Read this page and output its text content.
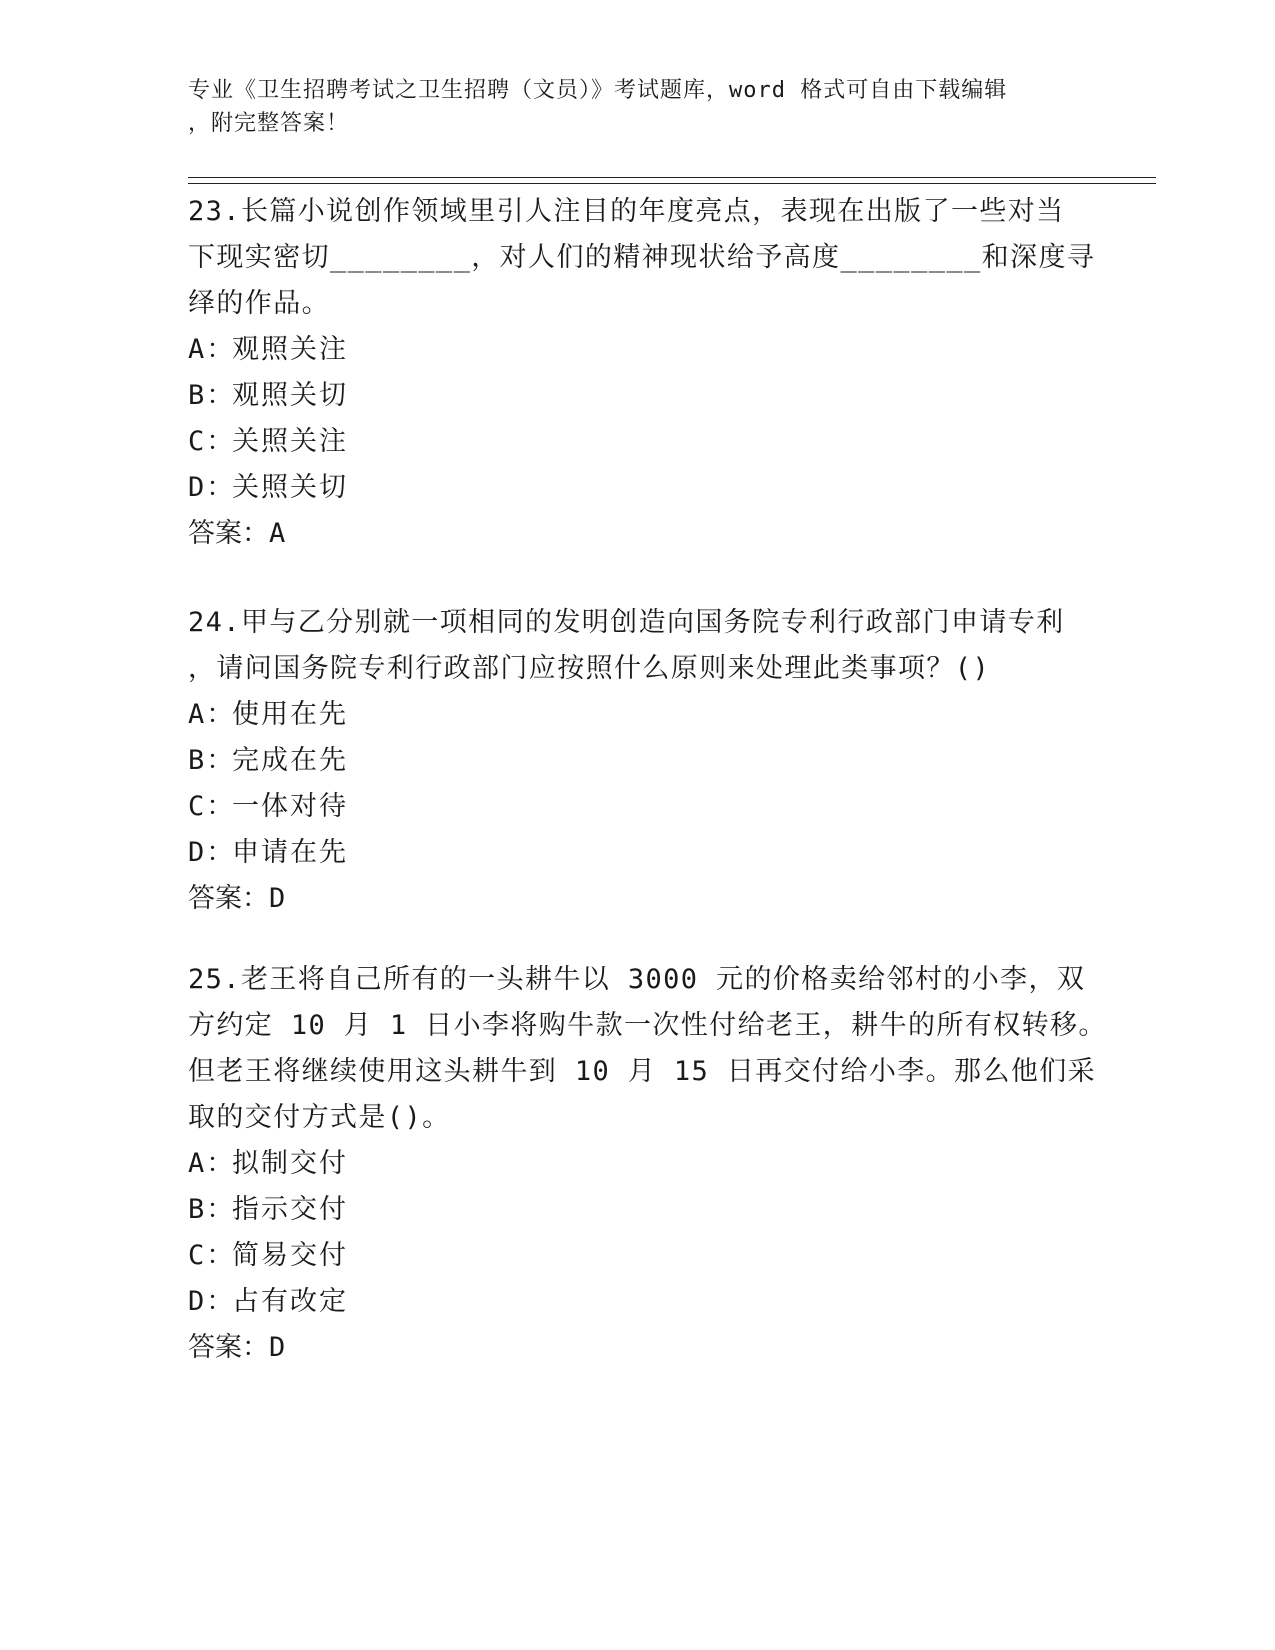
专业《卫生招聘考试之卫生招聘（文员）》考试题库，word 格式可自由下载编辑
，附完整答案！
23.长篇小说创作领域里引人注目的年度亮点，表现在出版了一些对当
下现实密切________，对人们的精神现状给予高度________和深度寻
绎的作品。
A：观照关注
B：观照关切
C：关照关注
D：关照关切
答案：A
24.甲与乙分别就一项相同的发明创造向国务院专利行政部门申请专利
，请问国务院专利行政部门应按照什么原则来处理此类事项？()
A：使用在先
B：完成在先
C：一体对待
D：申请在先
答案：D
25.老王将自己所有的一头耕牛以 3000 元的价格卖给邻村的小李，双
方约定 10 月 1 日小李将购牛款一次性付给老王，耕牛的所有权转移。
但老王将继续使用这头耕牛到 10 月 15 日再交付给小李。那么他们采
取的交付方式是()。
A：拟制交付
B：指示交付
C：简易交付
D：占有改定
答案：D
